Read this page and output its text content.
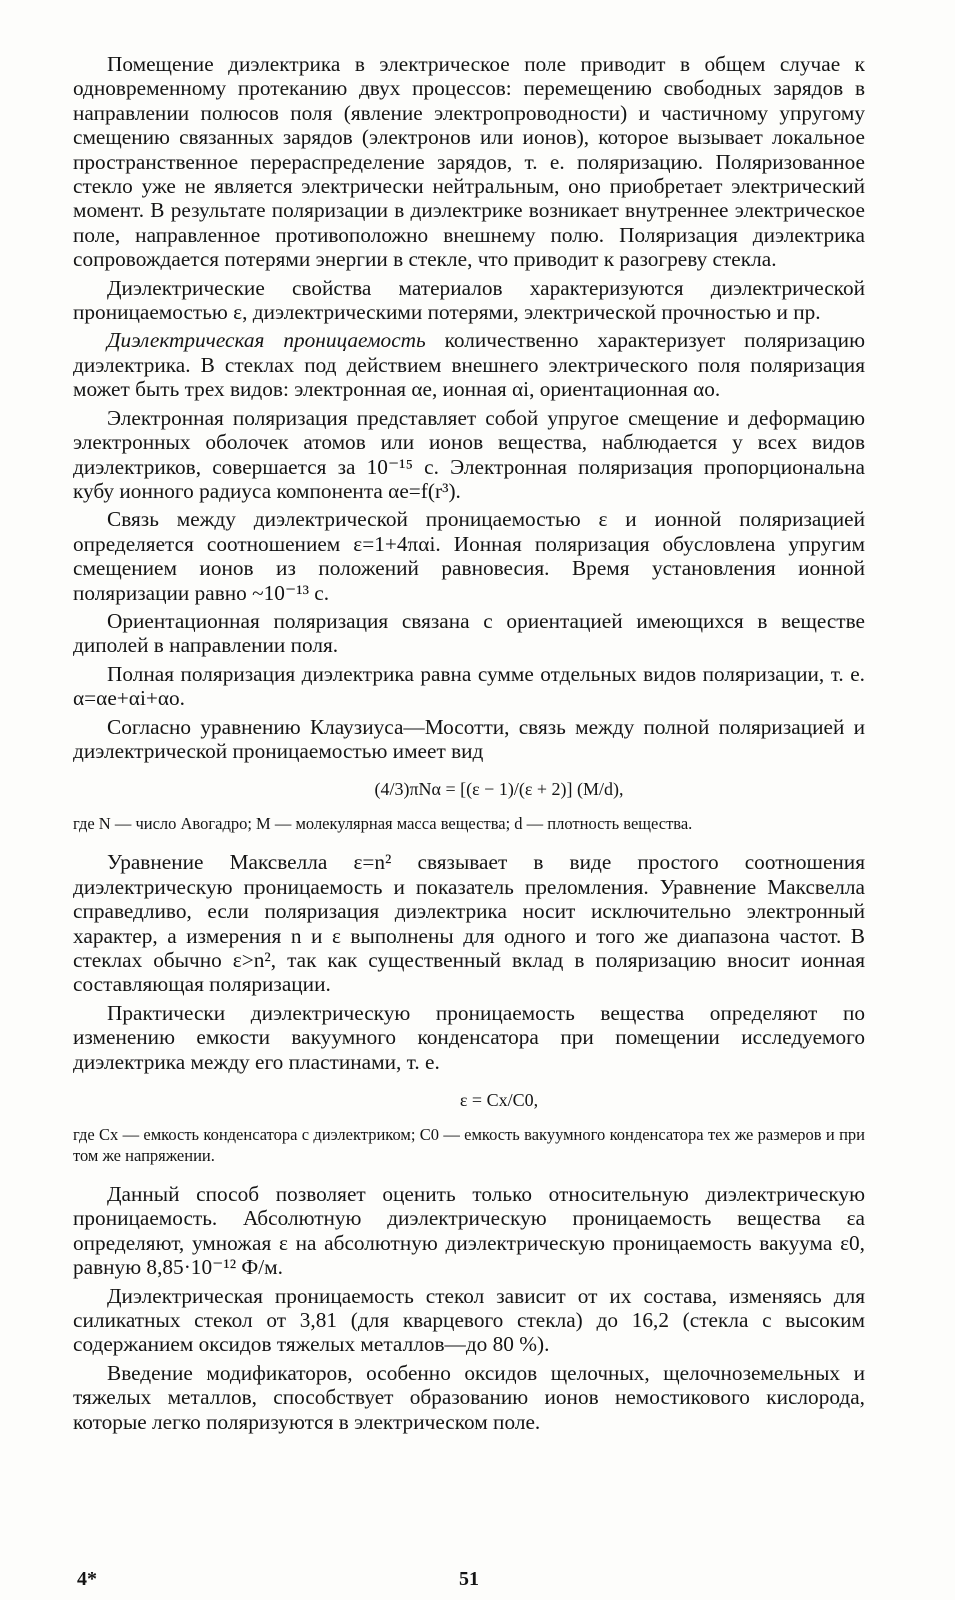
Помещение диэлектрика в электрическое поле приводит в общем случае к одновременному протеканию двух процессов: перемещению свободных зарядов в направлении полюсов поля (явление электропроводности) и частичному упругому смещению связанных зарядов (электронов или ионов), которое вызывает локальное пространственное перераспределение зарядов, т. е. поляризацию. Поляризованное стекло уже не является электрически нейтральным, оно приобретает электрический момент. В результате поляризации в диэлектрике возникает внутреннее электрическое поле, направленное противоположно внешнему полю. Поляризация диэлектрика сопровождается потерями энергии в стекле, что приводит к разогреву стекла.

Диэлектрические свойства материалов характеризуются диэлектрической проницаемостью ε, диэлектрическими потерями, электрической прочностью и пр.

Диэлектрическая проницаемость количественно характеризует поляризацию диэлектрика. В стеклах под действием внешнего электрического поля поляризация может быть трех видов: электронная αe, ионная αi, ориентационная αo.

Электронная поляризация представляет собой упругое смещение и деформацию электронных оболочек атомов или ионов вещества, наблюдается у всех видов диэлектриков, совершается за 10⁻¹⁵ с. Электронная поляризация пропорциональна кубу ионного радиуса компонента αe=f(r³).

Связь между диэлектрической проницаемостью ε и ионной поляризацией определяется соотношением ε=1+4παi. Ионная поляризация обусловлена упругим смещением ионов из положений равновесия. Время установления ионной поляризации равно ~10⁻¹³ с.

Ориентационная поляризация связана с ориентацией имеющихся в веществе диполей в направлении поля.

Полная поляризация диэлектрика равна сумме отдельных видов поляризации, т. е. α=αe+αi+αo.

Согласно уравнению Клаузиуса—Мосотти, связь между полной поляризацией и диэлектрической проницаемостью имеет вид

(4/3)πNα = [(ε − 1)/(ε + 2)] (M/d),

где N — число Авогадро; M — молекулярная масса вещества; d — плотность вещества.

Уравнение Максвелла ε=n² связывает в виде простого соотношения диэлектрическую проницаемость и показатель преломления. Уравнение Максвелла справедливо, если поляризация диэлектрика носит исключительно электронный характер, а измерения n и ε выполнены для одного и того же диапазона частот. В стеклах обычно ε>n², так как существенный вклад в поляризацию вносит ионная составляющая поляризации.

Практически диэлектрическую проницаемость вещества определяют по изменению емкости вакуумного конденсатора при помещении исследуемого диэлектрика между его пластинами, т. е.

ε = Cx/C0,

где Cx — емкость конденсатора с диэлектриком; C0 — емкость вакуумного конденсатора тех же размеров и при том же напряжении.

Данный способ позволяет оценить только относительную диэлектрическую проницаемость. Абсолютную диэлектрическую проницаемость вещества εa определяют, умножая ε на абсолютную диэлектрическую проницаемость вакуума ε0, равную 8,85·10⁻¹² Ф/м.

Диэлектрическая проницаемость стекол зависит от их состава, изменяясь для силикатных стекол от 3,81 (для кварцевого стекла) до 16,2 (стекла с высоким содержанием оксидов тяжелых металлов—до 80 %).

Введение модификаторов, особенно оксидов щелочных, щелочноземельных и тяжелых металлов, способствует образованию ионов немостикового кислорода, которые легко поляризуются в электрическом поле.

4*	51
